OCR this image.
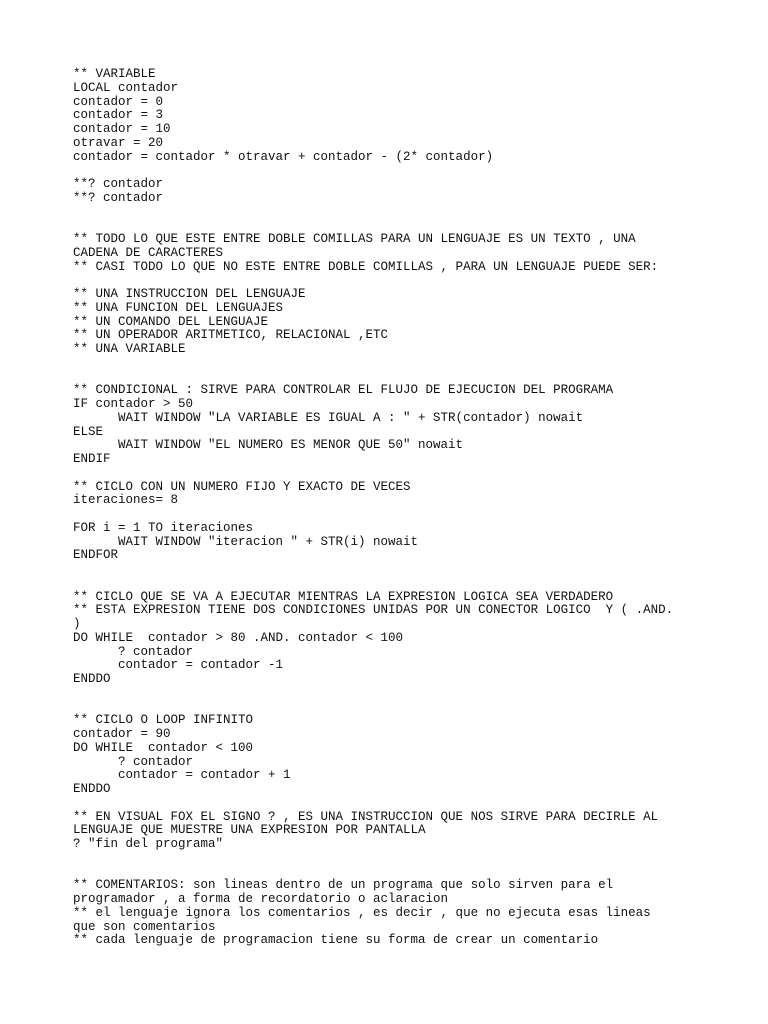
** VARIABLE
LOCAL contador
contador = 0
contador = 3
contador = 10
otravar = 20
contador = contador * otravar + contador - (2* contador)
**? contador
**? contador
** TODO LO QUE ESTE ENTRE DOBLE COMILLAS PARA UN LENGUAJE ES UN TEXTO , UNA
CADENA DE CARACTERES
** CASI TODO LO QUE NO ESTE ENTRE DOBLE COMILLAS , PARA UN LENGUAJE PUEDE SER:
** UNA INSTRUCCION DEL LENGUAJE
** UNA FUNCION DEL LENGUAJES
** UN COMANDO DEL LENGUAJE
** UN OPERADOR ARITMETICO, RELACIONAL ,ETC
** UNA VARIABLE
** CONDICIONAL : SIRVE PARA CONTROLAR EL FLUJO DE EJECUCION DEL PROGRAMA
IF contador > 50
WAIT WINDOW "LA VARIABLE ES IGUAL A : " + STR(contador) nowait
ELSE
WAIT WINDOW "EL NUMERO ES MENOR QUE 50" nowait
ENDIF
** CICLO CON UN NUMERO FIJO Y EXACTO DE VECES
iteraciones= 8
FOR i = 1 TO iteraciones
WAIT WINDOW "iteracion " + STR(i) nowait
ENDFOR
** CICLO QUE SE VA A EJECUTAR MIENTRAS LA EXPRESION LOGICA SEA VERDADERO
** ESTA EXPRESION TIENE DOS CONDICIONES UNIDAS POR UN CONECTOR LOGICO  Y ( .AND.
)
DO WHILE  contador > 80 .AND. contador < 100
? contador
contador = contador -1
ENDDO
** CICLO O LOOP INFINITO
contador = 90
DO WHILE  contador < 100
? contador
contador = contador + 1
ENDDO
** EN VISUAL FOX EL SIGNO ? , ES UNA INSTRUCCION QUE NOS SIRVE PARA DECIRLE AL
LENGUAJE QUE MUESTRE UNA EXPRESION POR PANTALLA
? "fin del programa"
** COMENTARIOS: son lineas dentro de un programa que solo sirven para el
programador , a forma de recordatorio o aclaracion
** el lenguaje ignora los comentarios , es decir , que no ejecuta esas lineas
que son comentarios
** cada lenguaje de programacion tiene su forma de crear un comentario
